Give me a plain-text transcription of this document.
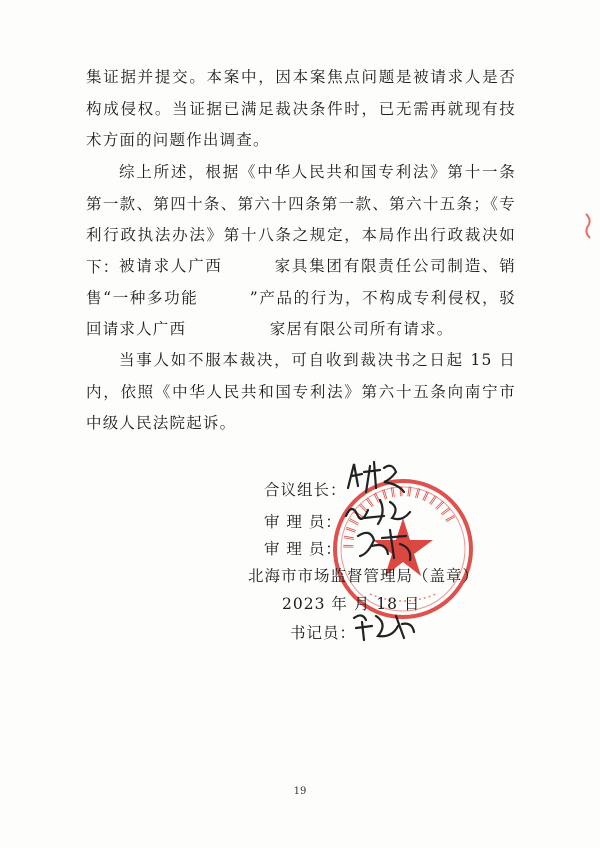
集证据并提交。本案中，因本案焦点问题是被请求人是否构成侵权。当证据已满足裁决条件时，已无需再就现有技术方面的问题作出调查。

综上所述，根据《中华人民共和国专利法》第十一条第一款、第四十条、第六十四条第一款、第六十五条；《专利行政执法办法》第十八条之规定，本局作出行政裁决如下： 被请求人广西　　　家具集团有限责任公司制造、销售“一种多功能　　　”产品的行为，不构成专利侵权，驳回请求人广西　　　　　家居有限公司所有请求。

当事人如不服本裁决，可自收到裁决书之日起 15 日内，依照《中华人民共和国专利法》第六十五条向南宁市中级人民法院起诉。

‖‖‖‖‖‖‖‖‖‖‖‖‖‖‖‖‖‖
合议组长：
审 理 员：
审 理 员：
北海市市场监督管理局（盖章）
2023 年 月 18 日
书记员：
19
